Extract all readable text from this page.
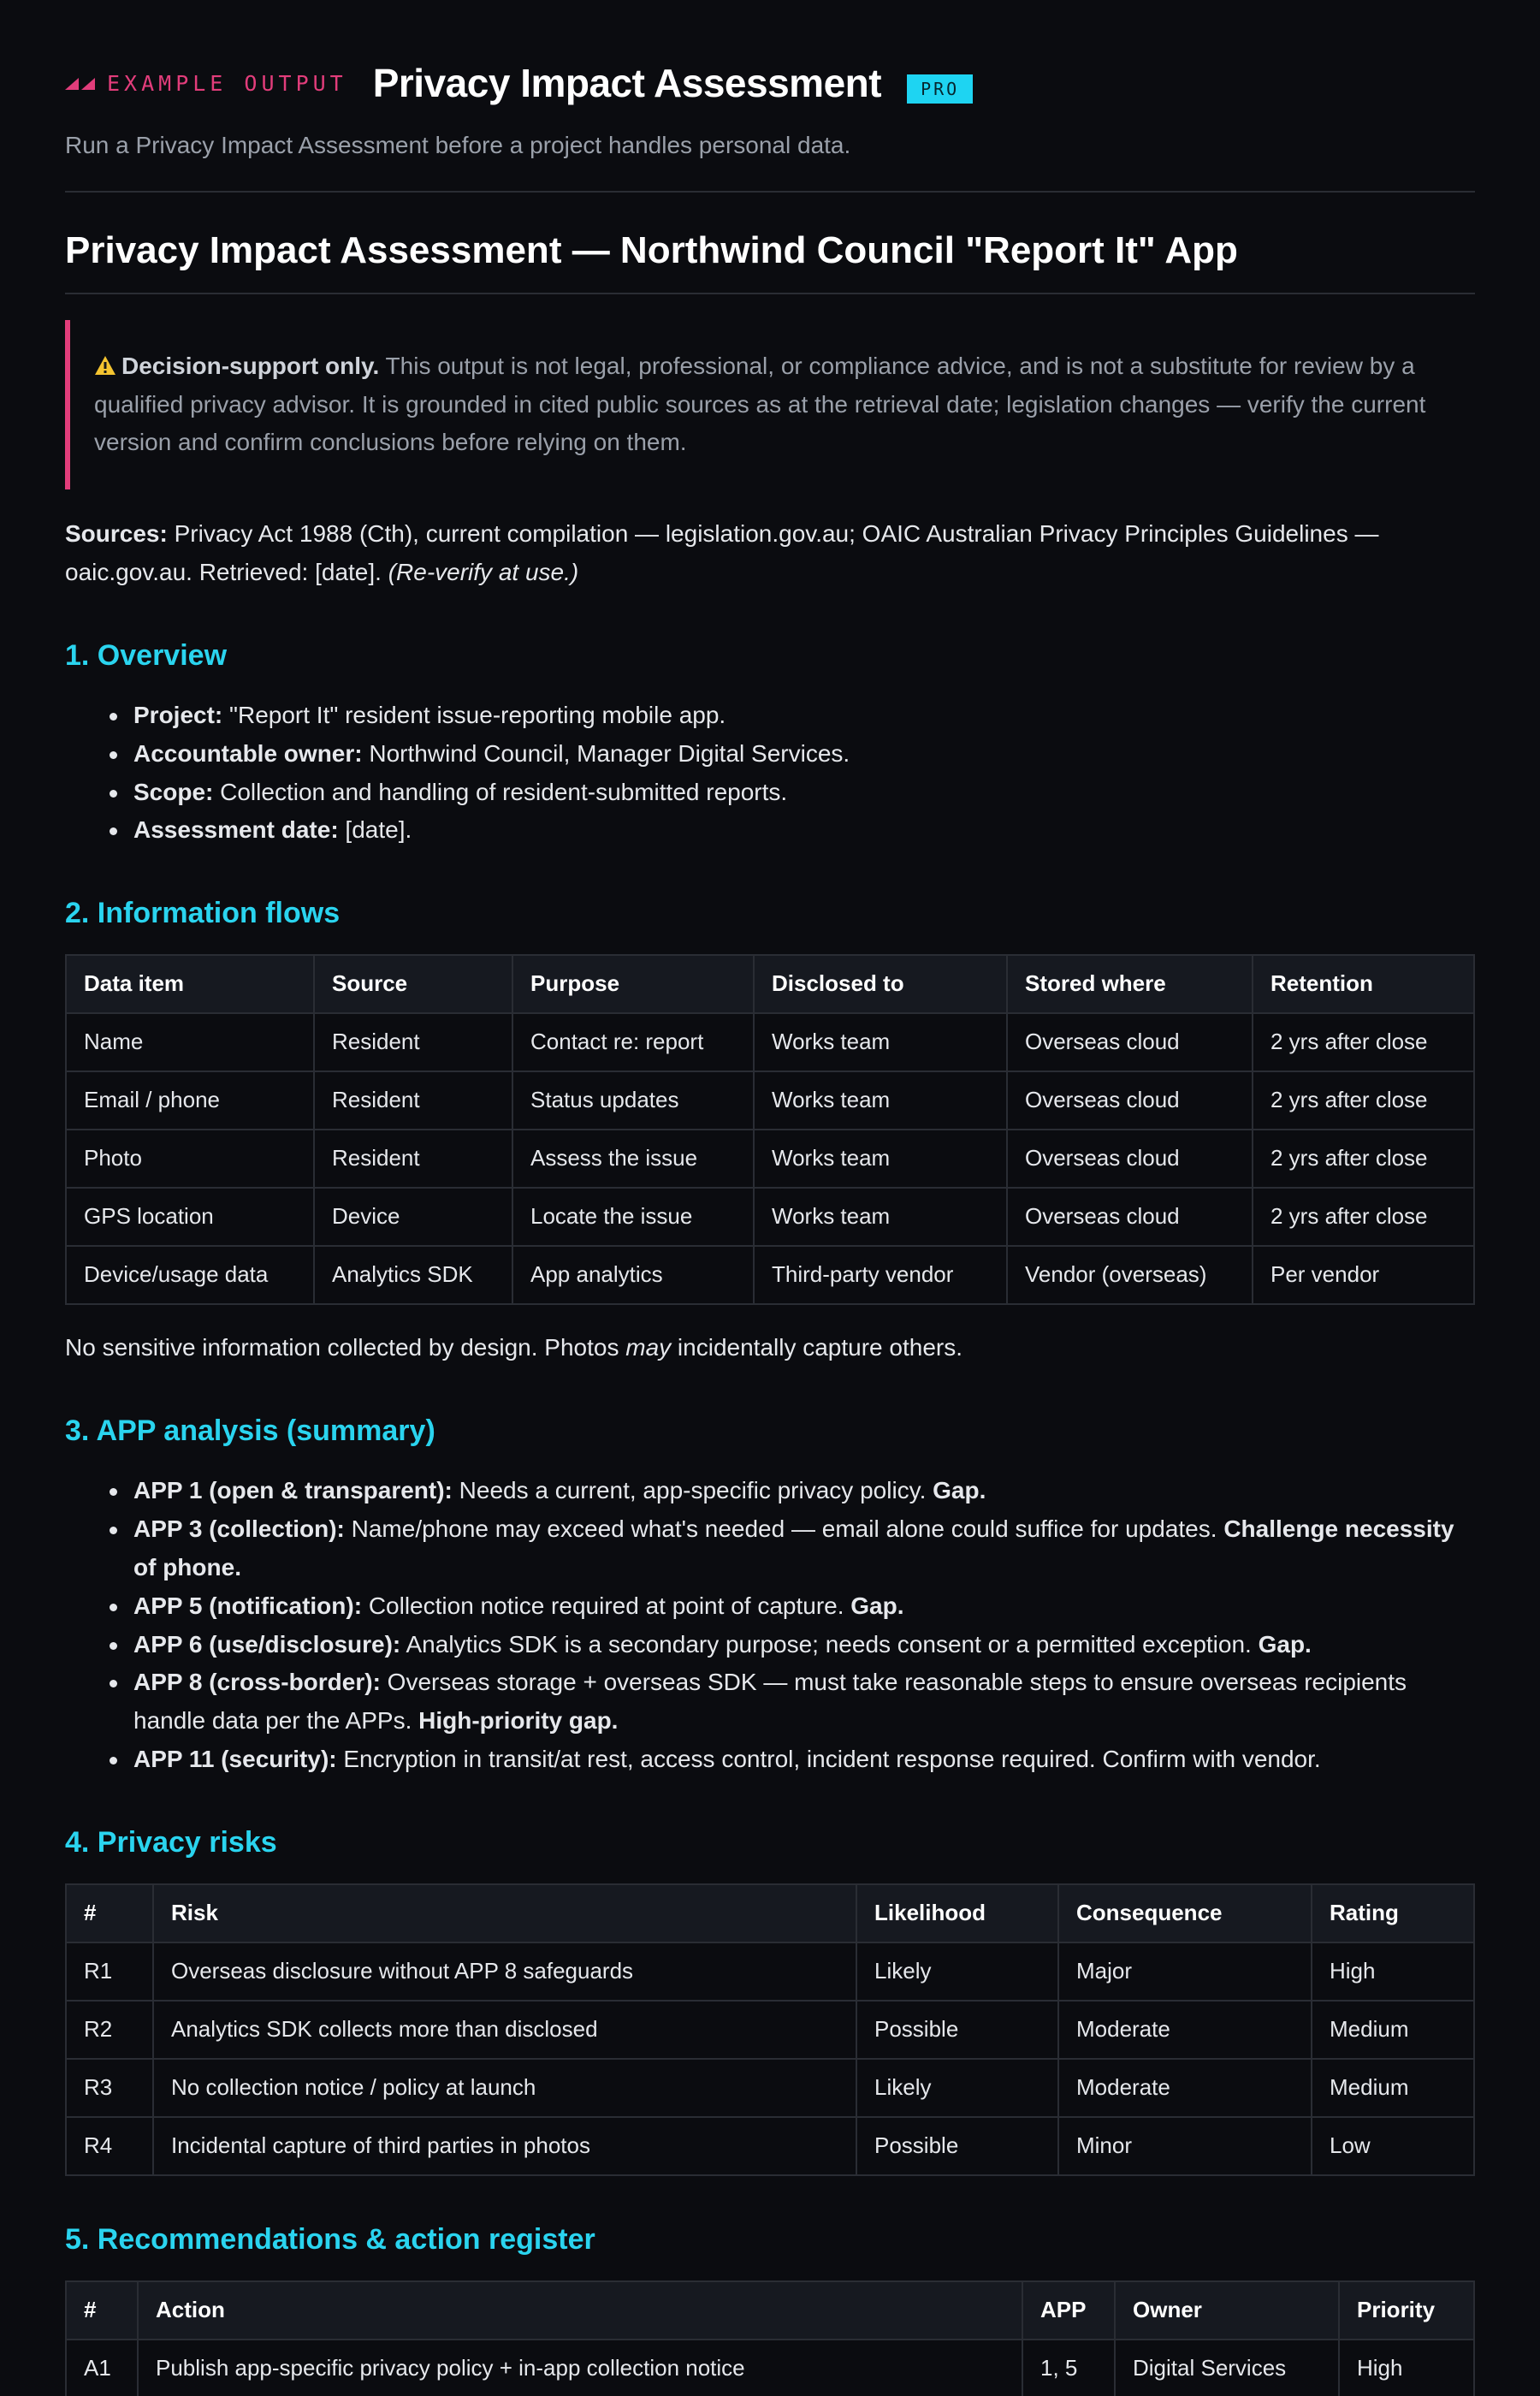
EXAMPLE OUTPUT Privacy Impact Assessment	PRO

Run a Privacy Impact Assessment before a project handles personal data.

Privacy Impact Assessment — Northwind Council "Report It" App
Decision-support only. This output is not legal, professional, or compliance advice, and is not a substitute for review by a qualified privacy advisor. It is grounded in cited public sources as at the retrieval date; legislation changes — verify the current version and confirm conclusions before relying on them.

Sources: Privacy Act 1988 (Cth), current compilation — legislation.gov.au; OAIC Australian Privacy Principles Guidelines — oaic.gov.au. Retrieved: [date]. (Re-verify at use.)

1. Overview
Project: "Report It" resident issue-reporting mobile app.
Accountable owner: Northwind Council, Manager Digital Services.
Scope: Collection and handling of resident-submitted reports.
Assessment date: [date].
2. Information flows
Data item	Source	Purpose	Disclosed to	Stored where	Retention
Name	Resident	Contact re: report	Works team	Overseas cloud	2 yrs after close
Email / phone	Resident	Status updates	Works team	Overseas cloud	2 yrs after close
Photo	Resident	Assess the issue	Works team	Overseas cloud	2 yrs after close
GPS location	Device	Locate the issue	Works team	Overseas cloud	2 yrs after close
Device/usage data	Analytics SDK	App analytics	Third-party vendor	Vendor (overseas)	Per vendor

No sensitive information collected by design. Photos may incidentally capture others.

3. APP analysis (summary)
APP 1 (open & transparent): Needs a current, app-specific privacy policy. Gap.
APP 3 (collection): Name/phone may exceed what's needed — email alone could suffice for updates. Challenge necessity of phone.
APP 5 (notification): Collection notice required at point of capture. Gap.
APP 6 (use/disclosure): Analytics SDK is a secondary purpose; needs consent or a permitted exception. Gap.
APP 8 (cross-border): Overseas storage + overseas SDK — must take reasonable steps to ensure overseas recipients handle data per the APPs. High-priority gap.
APP 11 (security): Encryption in transit/at rest, access control, incident response required. Confirm with vendor.
4. Privacy risks
#	Risk	Likelihood	Consequence	Rating
R1	Overseas disclosure without APP 8 safeguards	Likely	Major	High
R2	Analytics SDK collects more than disclosed	Possible	Moderate	Medium
R3	No collection notice / policy at launch	Likely	Moderate	Medium
R4	Incidental capture of third parties in photos	Possible	Minor	Low
5. Recommendations & action register
#	Action	APP	Owner	Priority
A1	Publish app-specific privacy policy + in-app collection notice	1, 5	Digital Services	High
